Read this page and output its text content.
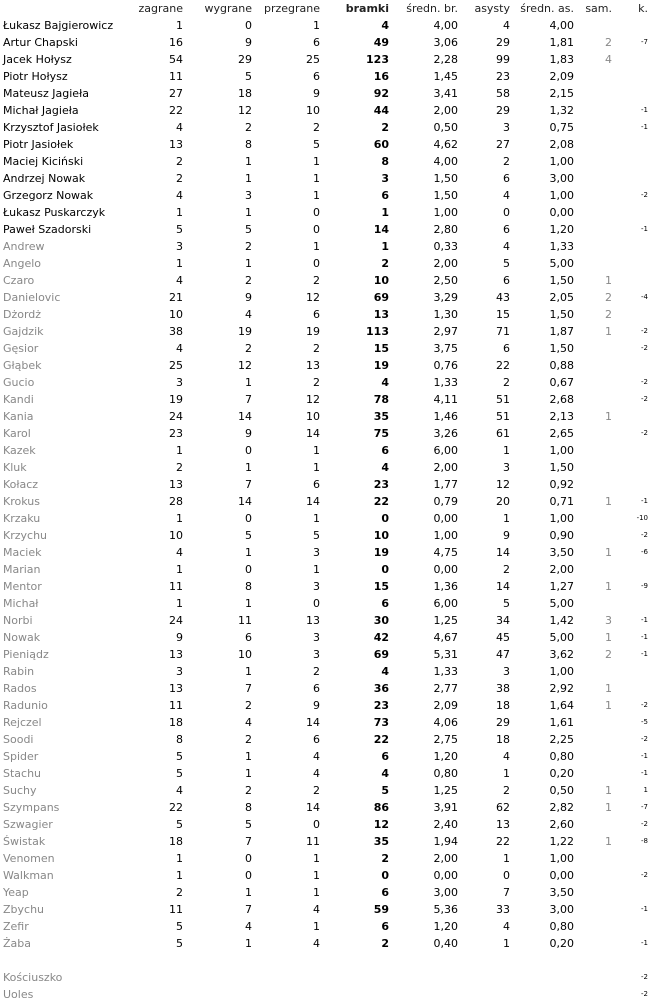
	zagrane	wygrane	przegrane	bramki	średn. br.	asysty	średn. as.	sam.	k.
Łukasz Bajgierowicz	1	0	1	4	4,00	4	4,00		
Artur Chapski	16	9	6	49	3,06	29	1,81	2	-7
Jacek Hołysz	54	29	25	123	2,28	99	1,83	4	
Piotr Hołysz	11	5	6	16	1,45	23	2,09		
Mateusz Jagieła	27	18	9	92	3,41	58	2,15		
Michał Jagieła	22	12	10	44	2,00	29	1,32		-1
Krzysztof Jasiołek	4	2	2	2	0,50	3	0,75		-1
Piotr Jasiołek	13	8	5	60	4,62	27	2,08		
Maciej Kiciński	2	1	1	8	4,00	2	1,00		
Andrzej Nowak	2	1	1	3	1,50	6	3,00		
Grzegorz Nowak	4	3	1	6	1,50	4	1,00		-2
Łukasz Puskarczyk	1	1	0	1	1,00	0	0,00		
Paweł Szadorski	5	5	0	14	2,80	6	1,20		-1
Andrew	3	2	1	1	0,33	4	1,33		
Angelo	1	1	0	2	2,00	5	5,00		
Czaro	4	2	2	10	2,50	6	1,50	1	
Danielovic	21	9	12	69	3,29	43	2,05	2	-4
Dżordż	10	4	6	13	1,30	15	1,50	2	
Gajdzik	38	19	19	113	2,97	71	1,87	1	-2
Gęsior	4	2	2	15	3,75	6	1,50		-2
Głąbek	25	12	13	19	0,76	22	0,88		
Gucio	3	1	2	4	1,33	2	0,67		-2
Kandi	19	7	12	78	4,11	51	2,68		-2
Kania	24	14	10	35	1,46	51	2,13	1	
Karol	23	9	14	75	3,26	61	2,65		-2
Kazek	1	0	1	6	6,00	1	1,00		
Kluk	2	1	1	4	2,00	3	1,50		
Kołacz	13	7	6	23	1,77	12	0,92		
Krokus	28	14	14	22	0,79	20	0,71	1	-1
Krzaku	1	0	1	0	0,00	1	1,00		-10
Krzychu	10	5	5	10	1,00	9	0,90		-2
Maciek	4	1	3	19	4,75	14	3,50	1	-6
Marian	1	0	1	0	0,00	2	2,00		
Mentor	11	8	3	15	1,36	14	1,27	1	-9
Michał	1	1	0	6	6,00	5	5,00		
Norbi	24	11	13	30	1,25	34	1,42	3	-1
Nowak	9	6	3	42	4,67	45	5,00	1	-1
Pieniądz	13	10	3	69	5,31	47	3,62	2	-1
Rabin	3	1	2	4	1,33	3	1,00		
Rados	13	7	6	36	2,77	38	2,92	1	
Radunio	11	2	9	23	2,09	18	1,64	1	-2
Rejczel	18	4	14	73	4,06	29	1,61		-5
Soodi	8	2	6	22	2,75	18	2,25		-2
Spider	5	1	4	6	1,20	4	0,80		-1
Stachu	5	1	4	4	0,80	1	0,20		-1
Suchy	4	2	2	5	1,25	2	0,50	1	1
Szympans	22	8	14	86	3,91	62	2,82	1	-7
Szwagier	5	5	0	12	2,40	13	2,60		-2
Świstak	18	7	11	35	1,94	22	1,22	1	-8
Venomen	1	0	1	2	2,00	1	1,00		
Walkman	1	0	1	0	0,00	0	0,00		-2
Yeap	2	1	1	6	3,00	7	3,50		
Zbychu	11	7	4	59	5,36	33	3,00		-1
Zefir	5	4	1	6	1,20	4	0,80		
Żaba	5	1	4	2	0,40	1	0,20		-1

Kościuszko									-2
Uoles									-2
